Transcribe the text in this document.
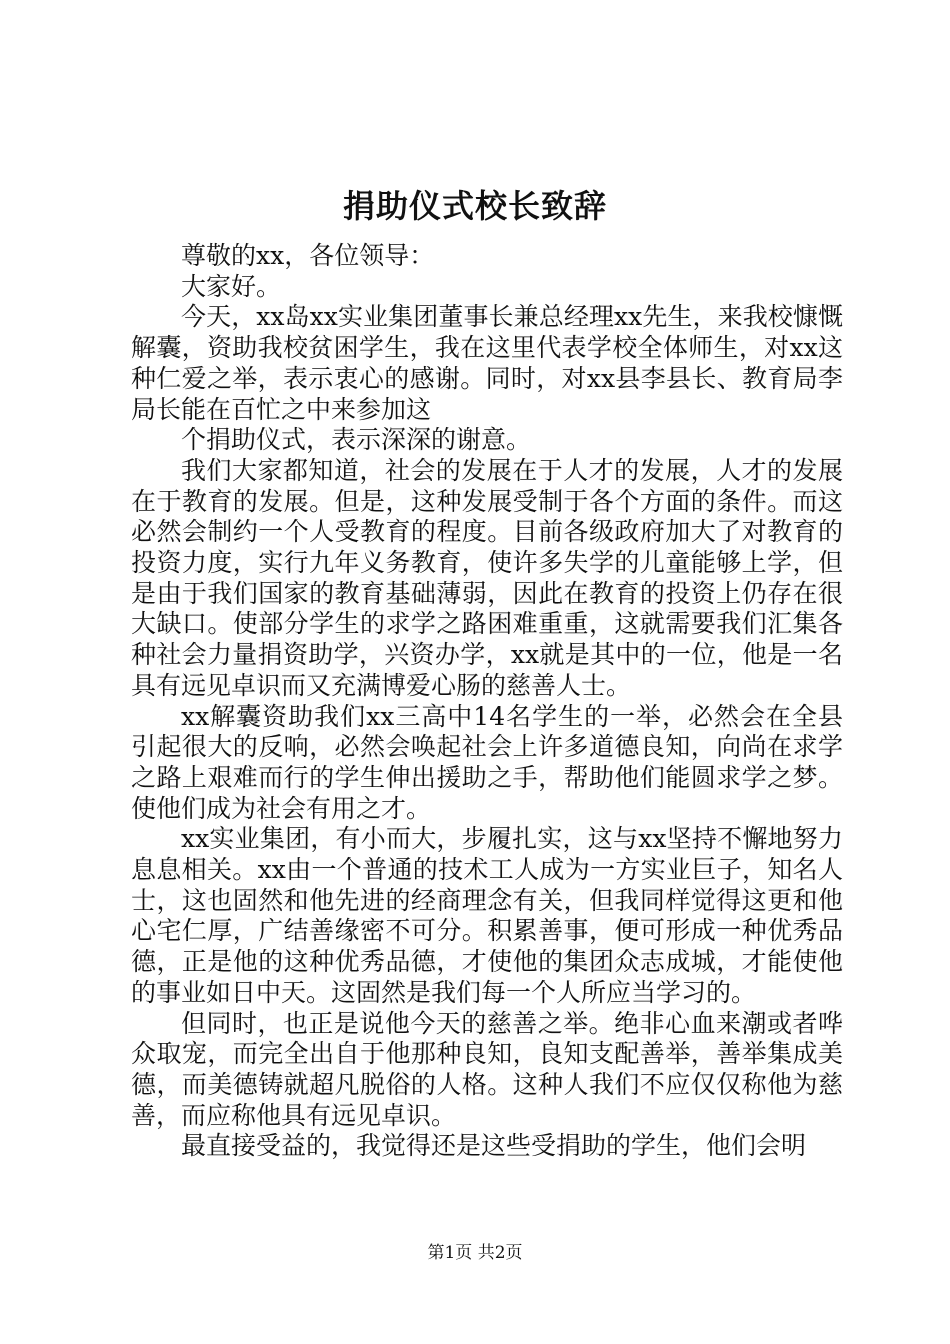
捐助仪式校长致辞

尊敬的xx，各位领导：

大家好。

今天，xx岛xx实业集团董事长兼总经理xx先生，来我校慷慨解囊，资助我校贫困学生，我在这里代表学校全体师生，对xx这种仁爱之举，表示衷心的感谢。同时，对xx县李县长、教育局李局长能在百忙之中来参加这

个捐助仪式，表示深深的谢意。

我们大家都知道，社会的发展在于人才的发展，人才的发展在于教育的发展。但是，这种发展受制于各个方面的条件。而这必然会制约一个人受教育的程度。目前各级政府加大了对教育的投资力度，实行九年义务教育，使许多失学的儿童能够上学，但是由于我们国家的教育基础薄弱，因此在教育的投资上仍存在很大缺口。使部分学生的求学之路困难重重，这就需要我们汇集各种社会力量捐资助学，兴资办学，xx就是其中的一位，他是一名具有远见卓识而又充满博爱心肠的慈善人士。

xx解囊资助我们xx三高中14名学生的一举，必然会在全县引起很大的反响，必然会唤起社会上许多道德良知，向尚在求学之路上艰难而行的学生伸出援助之手，帮助他们能圆求学之梦。使他们成为社会有用之才。

xx实业集团，有小而大，步履扎实，这与xx坚持不懈地努力息息相关。xx由一个普通的技术工人成为一方实业巨子，知名人士，这也固然和他先进的经商理念有关，但我同样觉得这更和他心宅仁厚，广结善缘密不可分。积累善事，便可形成一种优秀品德，正是他的这种优秀品德，才使他的集团众志成城，才能使他的事业如日中天。这固然是我们每一个人所应当学习的。

但同时，也正是说他今天的慈善之举。绝非心血来潮或者哗众取宠，而完全出自于他那种良知，良知支配善举，善举集成美德，而美德铸就超凡脱俗的人格。这种人我们不应仅仅称他为慈善，而应称他具有远见卓识。

最直接受益的，我觉得还是这些受捐助的学生，他们会明

第1页 共2页
